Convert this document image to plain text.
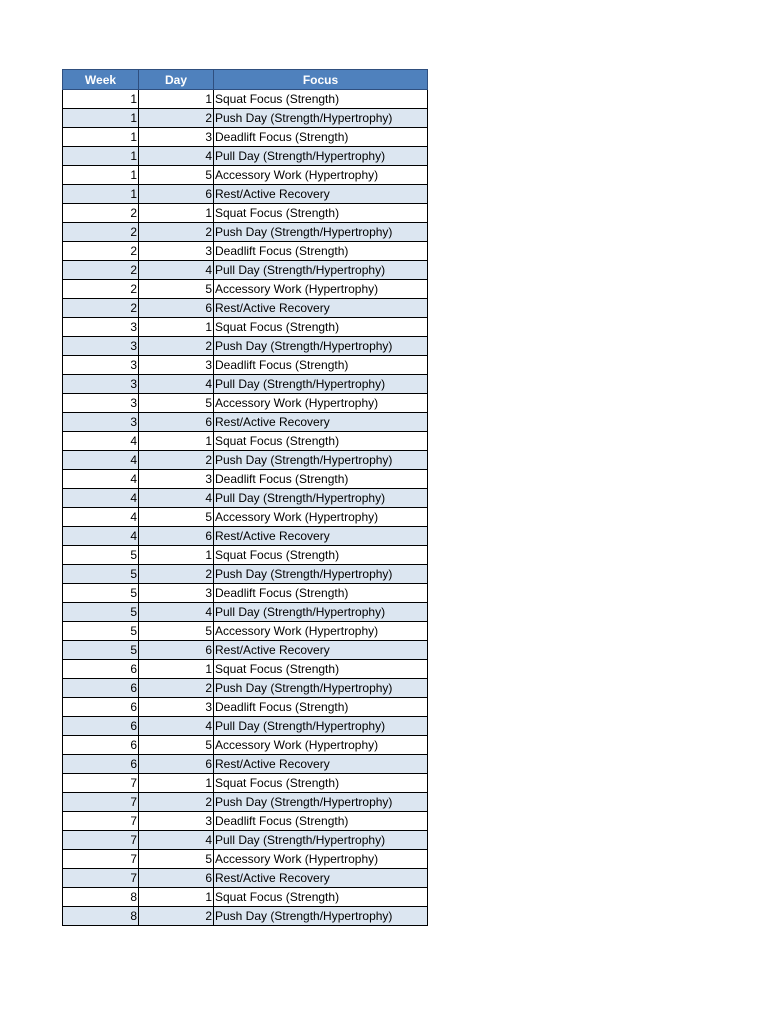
Week	Day	Focus
1	1	Squat Focus (Strength)
1	2	Push Day (Strength/Hypertrophy)
1	3	Deadlift Focus (Strength)
1	4	Pull Day (Strength/Hypertrophy)
1	5	Accessory Work (Hypertrophy)
1	6	Rest/Active Recovery
2	1	Squat Focus (Strength)
2	2	Push Day (Strength/Hypertrophy)
2	3	Deadlift Focus (Strength)
2	4	Pull Day (Strength/Hypertrophy)
2	5	Accessory Work (Hypertrophy)
2	6	Rest/Active Recovery
3	1	Squat Focus (Strength)
3	2	Push Day (Strength/Hypertrophy)
3	3	Deadlift Focus (Strength)
3	4	Pull Day (Strength/Hypertrophy)
3	5	Accessory Work (Hypertrophy)
3	6	Rest/Active Recovery
4	1	Squat Focus (Strength)
4	2	Push Day (Strength/Hypertrophy)
4	3	Deadlift Focus (Strength)
4	4	Pull Day (Strength/Hypertrophy)
4	5	Accessory Work (Hypertrophy)
4	6	Rest/Active Recovery
5	1	Squat Focus (Strength)
5	2	Push Day (Strength/Hypertrophy)
5	3	Deadlift Focus (Strength)
5	4	Pull Day (Strength/Hypertrophy)
5	5	Accessory Work (Hypertrophy)
5	6	Rest/Active Recovery
6	1	Squat Focus (Strength)
6	2	Push Day (Strength/Hypertrophy)
6	3	Deadlift Focus (Strength)
6	4	Pull Day (Strength/Hypertrophy)
6	5	Accessory Work (Hypertrophy)
6	6	Rest/Active Recovery
7	1	Squat Focus (Strength)
7	2	Push Day (Strength/Hypertrophy)
7	3	Deadlift Focus (Strength)
7	4	Pull Day (Strength/Hypertrophy)
7	5	Accessory Work (Hypertrophy)
7	6	Rest/Active Recovery
8	1	Squat Focus (Strength)
8	2	Push Day (Strength/Hypertrophy)
